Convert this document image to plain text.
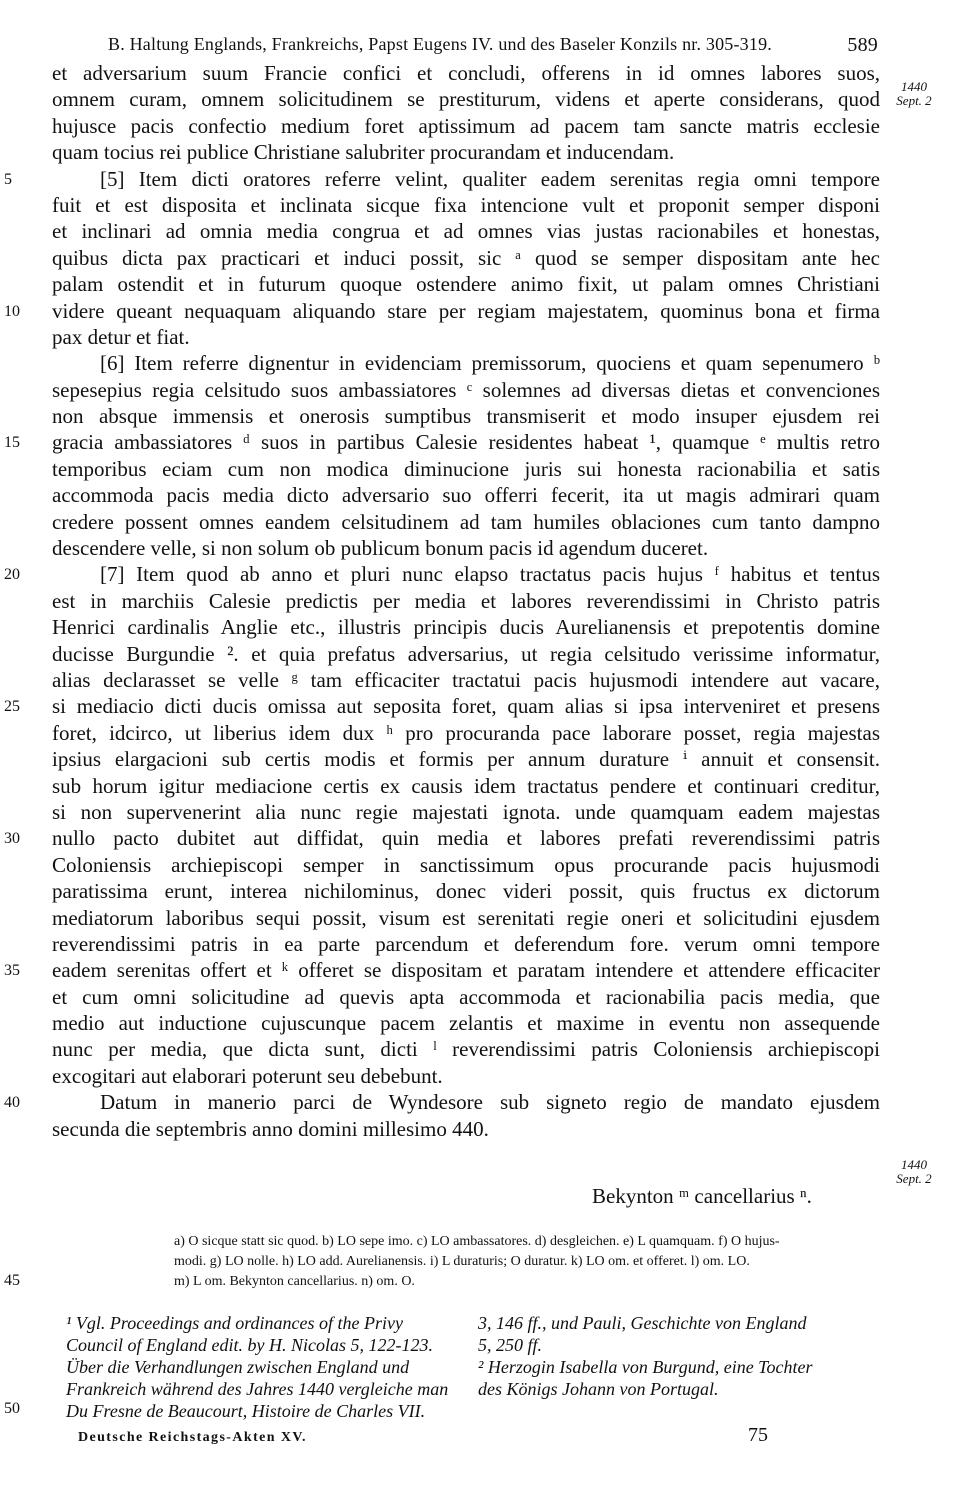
B. Haltung Englands, Frankreichs, Papst Eugens IV. und des Baseler Konzils nr. 305-319.	589
1440
Sept. 2
1440
Sept. 2
et adversarium suum Francie confici et concludi, offerens in id omnes labores suos,
omnem curam, omnem solicitudinem se prestiturum, videns et aperte considerans, quod
hujusce pacis confectio medium foret aptissimum ad pacem tam sancte matris ecclesie
quam tocius rei publice Christiane salubriter procurandam et inducendam.
5	[5] Item dicti oratores referre velint, qualiter eadem serenitas regia omni tempore
fuit et est disposita et inclinata sicque fixa intencione vult et proponit semper disponi
et inclinari ad omnia media congrua et ad omnes vias justas racionabiles et honestas,
quibus dicta pax practicari et induci possit, sic ᵃ quod se semper dispositam ante hec
palam ostendit et in futurum quoque ostendere animo fixit, ut palam omnes Christiani
10	videre queant nequaquam aliquando stare per regiam majestatem, quominus bona et firma
pax detur et fiat.
[6] Item referre dignentur in evidenciam premissorum, quociens et quam sepenumero ᵇ
sepesepius regia celsitudo suos ambassiatores ᶜ solemnes ad diversas dietas et convenciones
non absque immensis et onerosis sumptibus transmiserit et modo insuper ejusdem rei
15	gracia ambassiatores ᵈ suos in partibus Calesie residentes habeat ¹, quamque ᵉ multis retro
temporibus eciam cum non modica diminucione juris sui honesta racionabilia et satis
accommoda pacis media dicto adversario suo offerri fecerit, ita ut magis admirari quam
credere possent omnes eandem celsitudinem ad tam humiles oblaciones cum tanto dampno
descendere velle, si non solum ob publicum bonum pacis id agendum duceret.
20	[7] Item quod ab anno et pluri nunc elapso tractatus pacis hujus ᶠ habitus et tentus
est in marchiis Calesie predictis per media et labores reverendissimi in Christo patris
Henrici cardinalis Anglie etc., illustris principis ducis Aurelianensis et prepotentis domine
ducisse Burgundie ². et quia prefatus adversarius, ut regia celsitudo verissime informatur,
alias declarasset se velle ᵍ tam efficaciter tractatui pacis hujusmodi intendere aut vacare,
25	si mediacio dicti ducis omissa aut seposita foret, quam alias si ipsa interveniret et presens
foret, idcirco, ut liberius idem dux ʰ pro procuranda pace laborare posset, regia majestas
ipsius elargacioni sub certis modis et formis per annum durature ⁱ annuit et consensit.
sub horum igitur mediacione certis ex causis idem tractatus pendere et continuari creditur,
si non supervenerint alia nunc regie majestati ignota. unde quamquam eadem majestas
30	nullo pacto dubitet aut diffidat, quin media et labores prefati reverendissimi patris
Coloniensis archiepiscopi semper in sanctissimum opus procurande pacis hujusmodi
paratissima erunt, interea nichilominus, donec videri possit, quis fructus ex dictorum
mediatorum laboribus sequi possit, visum est serenitati regie oneri et solicitudini ejusdem
reverendissimi patris in ea parte parcendum et deferendum fore. verum omni tempore
35	eadem serenitas offert et ᵏ offeret se dispositam et paratam intendere et attendere efficaciter
et cum omni solicitudine ad quevis apta accommoda et racionabilia pacis media, que
medio aut inductione cujuscunque pacem zelantis et maxime in eventu non assequende
nunc per media, que dicta sunt, dicti ˡ reverendissimi patris Coloniensis archiepiscopi
excogitari aut elaborari poterunt seu debebunt.
40	Datum in manerio parci de Wyndesore sub signeto regio de mandato ejusdem
secunda die septembris anno domini millesimo 440.
Bekynton ᵐ cancellarius ⁿ.
45
a) O sicque statt sic quod. b) LO sepe imo. c) LO ambassatores. d) desgleichen. e) L quamquam. f) O hujus-
modi. g) LO nolle. h) LO add. Aurelianensis. i) L duraturis; O duratur. k) LO om. et offeret. l) om. LO.
m) L om. Bekynton cancellarius. n) om. O.
¹ Vgl. Proceedings and ordinances of the Privy
Council of England edit. by H. Nicolas 5, 122-123.
Über die Verhandlungen zwischen England und
Frankreich während des Jahres 1440 vergleiche man
Du Fresne de Beaucourt, Histoire de Charles VII.
3, 146 ff., und Pauli, Geschichte von England
5, 250 ff.
² Herzogin Isabella von Burgund, eine Tochter
des Königs Johann von Portugal.
50
Deutsche Reichstags-Akten XV.	75
